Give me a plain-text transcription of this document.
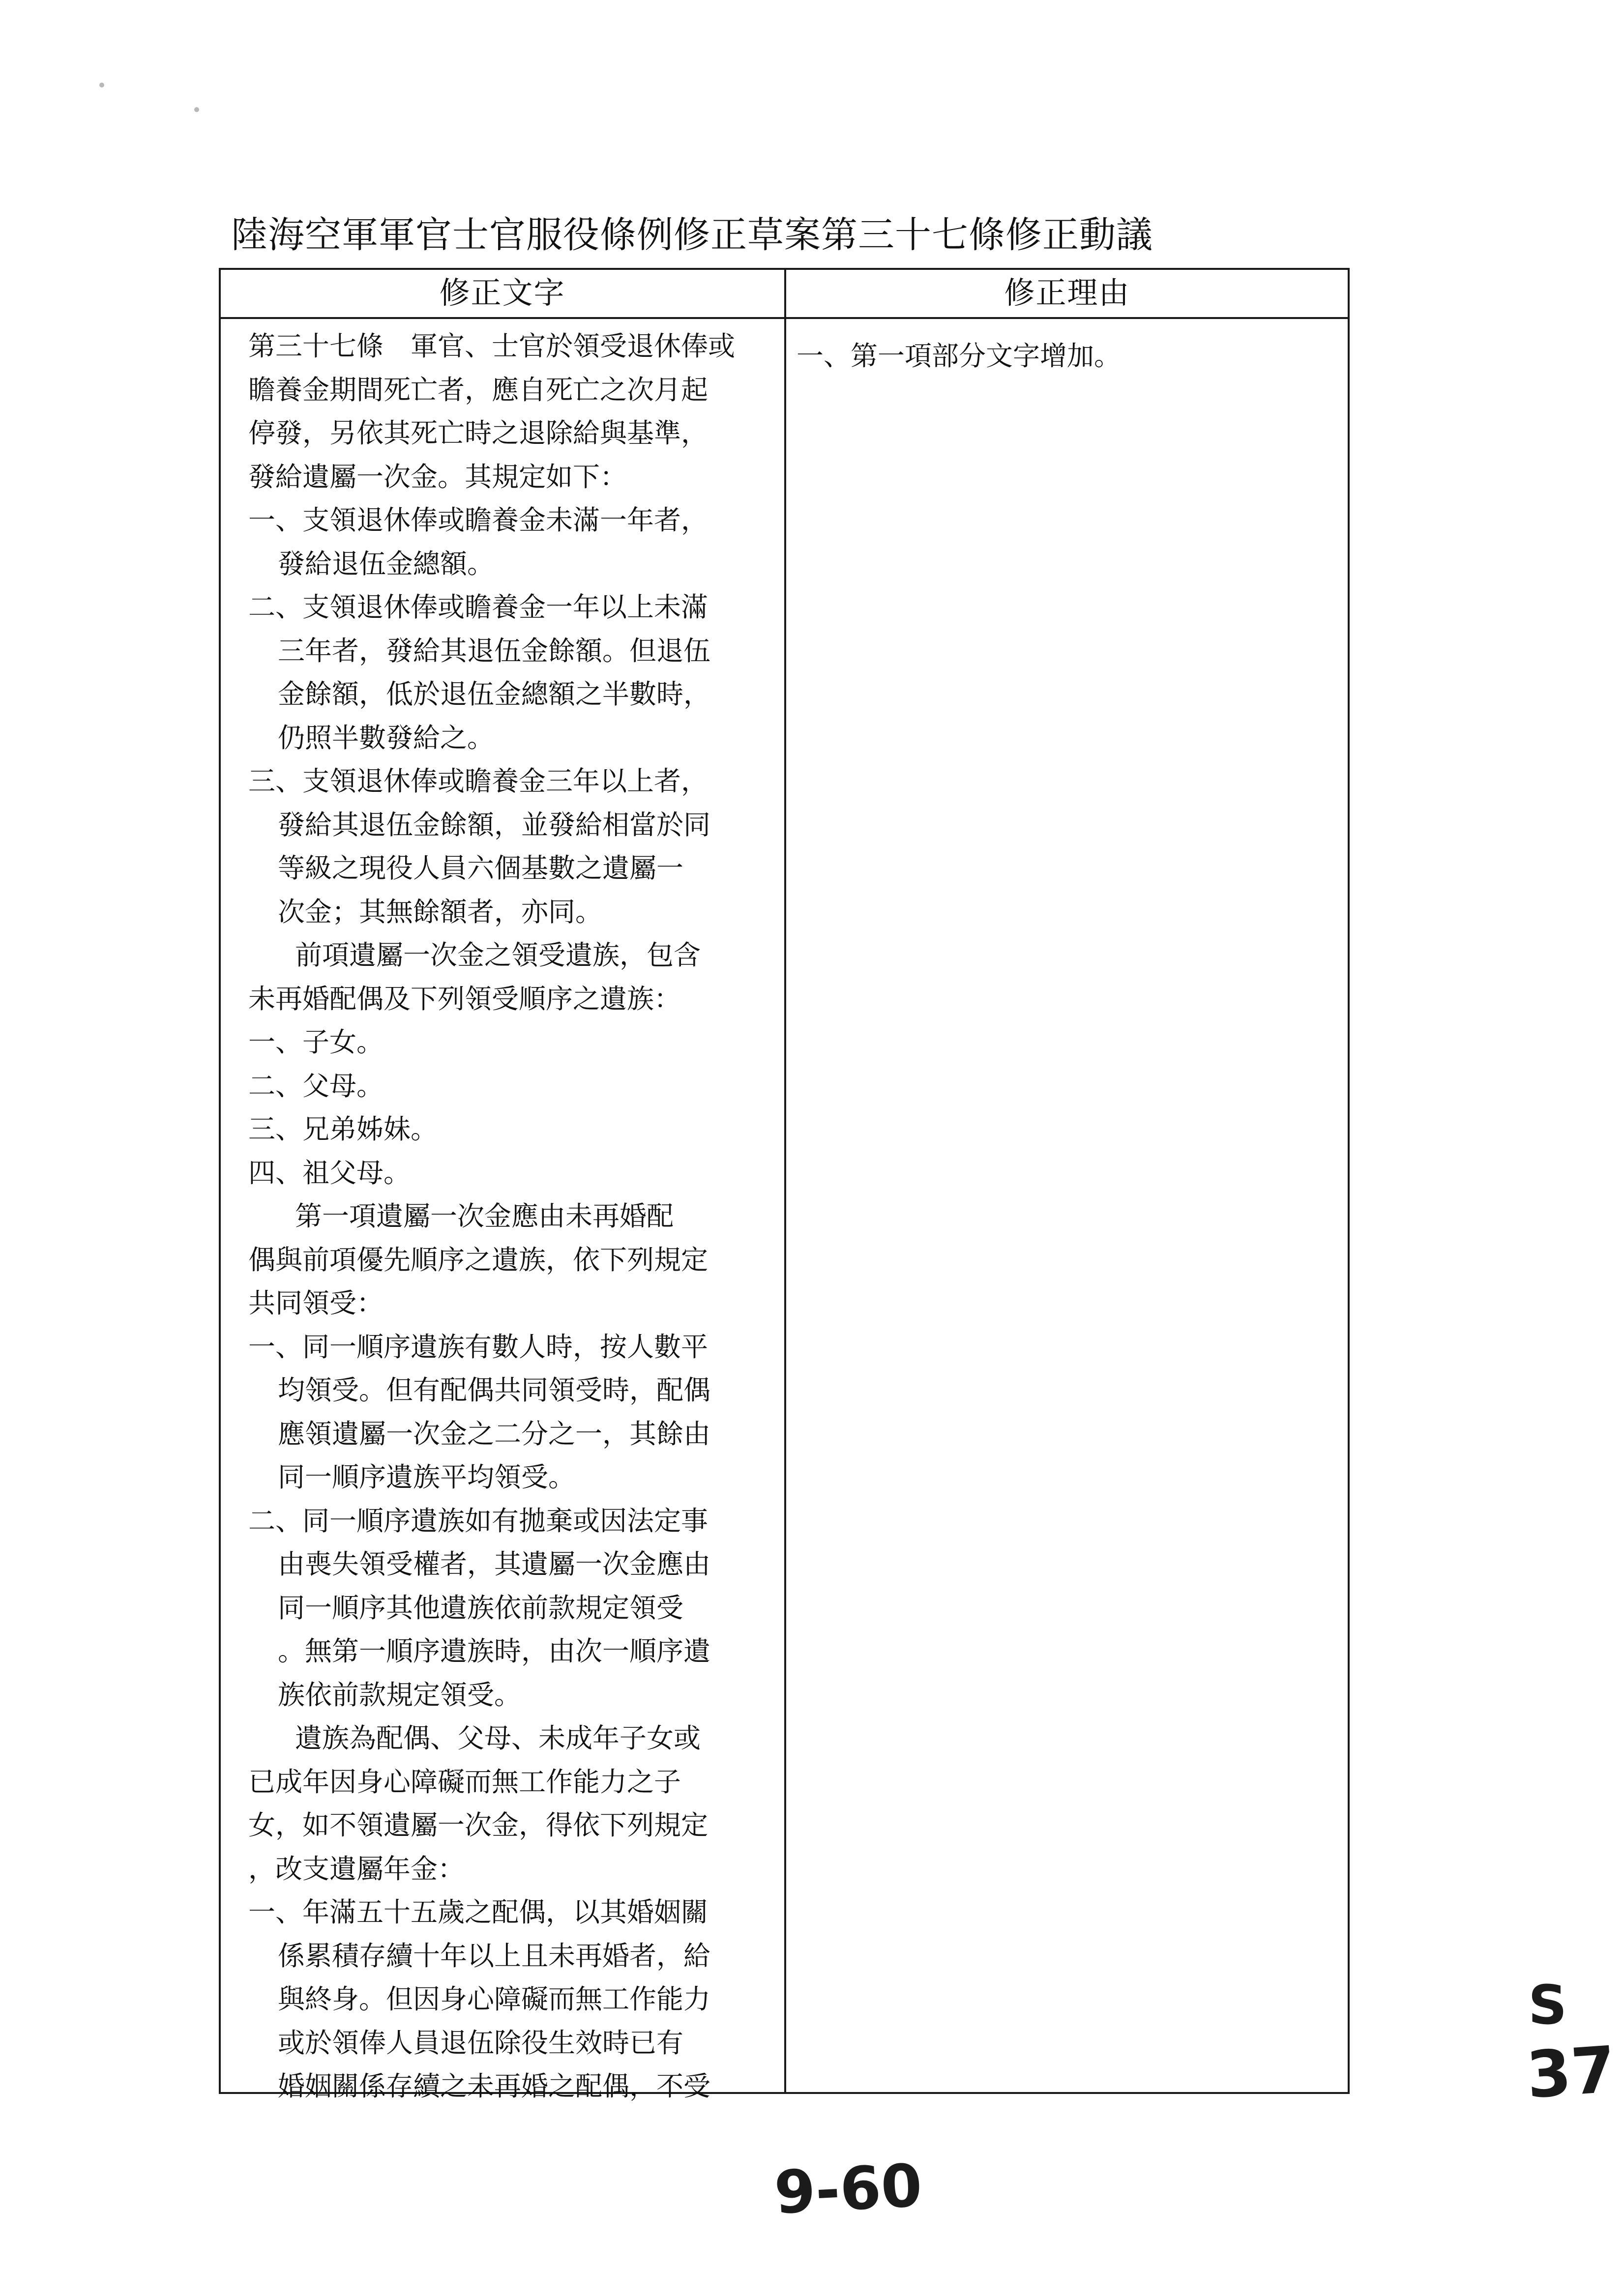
陸海空軍軍官士官服役條例修正草案第三十七條修正動議
修正文字	修正理由
第三十七條　軍官、士官於領受退休俸或
瞻養金期間死亡者，應自死亡之次月起
停發，另依其死亡時之退除給與基準，
發給遺屬一次金。其規定如下：
一、支領退休俸或瞻養金未滿一年者，
發給退伍金總額。
二、支領退休俸或瞻養金一年以上未滿
三年者，發給其退伍金餘額。但退伍
金餘額，低於退伍金總額之半數時，
仍照半數發給之。
三、支領退休俸或瞻養金三年以上者，
發給其退伍金餘額，並發給相當於同
等級之現役人員六個基數之遺屬一
次金；其無餘額者，亦同。
前項遺屬一次金之領受遺族，包含
未再婚配偶及下列領受順序之遺族：
一、子女。
二、父母。
三、兄弟姊妹。
四、祖父母。
第一項遺屬一次金應由未再婚配
偶與前項優先順序之遺族，依下列規定
共同領受：
一、同一順序遺族有數人時，按人數平
均領受。但有配偶共同領受時，配偶
應領遺屬一次金之二分之一，其餘由
同一順序遺族平均領受。
二、同一順序遺族如有拋棄或因法定事
由喪失領受權者，其遺屬一次金應由
同一順序其他遺族依前款規定領受
。無第一順序遺族時，由次一順序遺
族依前款規定領受。
遺族為配偶、父母、未成年子女或
已成年因身心障礙而無工作能力之子
女，如不領遺屬一次金，得依下列規定
，改支遺屬年金：
一、年滿五十五歲之配偶，以其婚姻關
係累積存續十年以上且未再婚者，給
與終身。但因身心障礙而無工作能力
或於領俸人員退伍除役生效時已有
婚姻關係存續之未再婚之配偶，不受
一、第一項部分文字增加。
S
37
9-60
